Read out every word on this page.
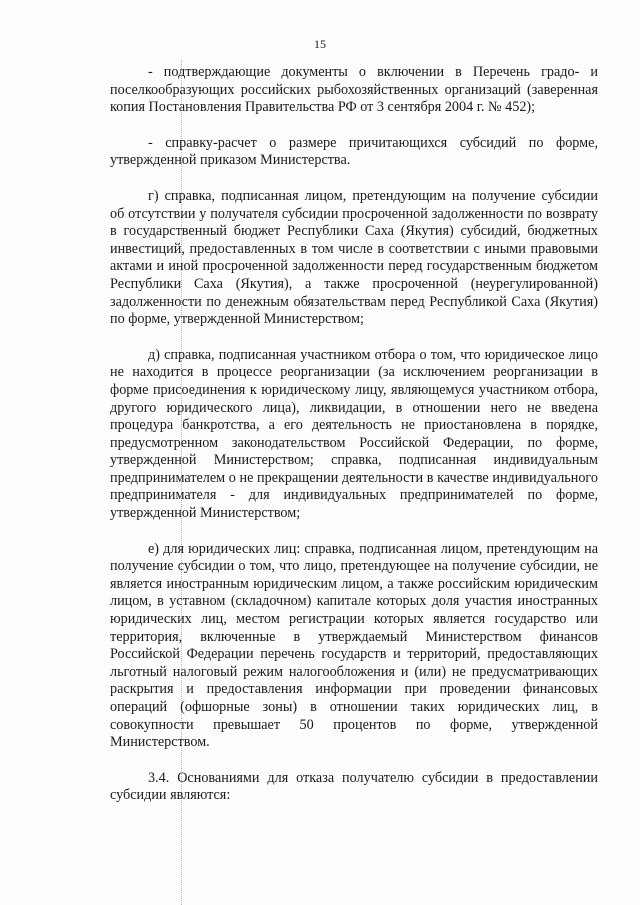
15

- подтверждающие документы о включении в Перечень градо- и поселкообразующих российских рыбохозяйственных организаций (заверенная копия Постановления Правительства РФ от 3 сентября 2004 г. № 452);

- справку-расчет о размере причитающихся субсидий по форме, утвержденной приказом Министерства.

г) справка, подписанная лицом, претендующим на получение субсидии об отсутствии у получателя субсидии просроченной задолженности по возврату в государственный бюджет Республики Саха (Якутия) субсидий, бюджетных инвестиций, предоставленных в том числе в соответствии с иными правовыми актами и иной просроченной задолженности перед государственным бюджетом Республики Саха (Якутия), а также просроченной (неурегулированной) задолженности по денежным обязательствам перед Республикой Саха (Якутия) по форме, утвержденной Министерством;

д) справка, подписанная участником отбора о том, что юридическое лицо не находится в процессе реорганизации (за исключением реорганизации в форме присоединения к юридическому лицу, являющемуся участником отбора, другого юридического лица), ликвидации, в отношении него не введена процедура банкротства, а его деятельность не приостановлена в порядке, предусмотренном законодательством Российской Федерации, по форме, утвержденной Министерством; справка, подписанная индивидуальным предпринимателем о не прекращении деятельности в качестве индивидуального предпринимателя - для индивидуальных предпринимателей по форме, утвержденной Министерством;

е) для юридических лиц: справка, подписанная лицом, претендующим на получение субсидии о том, что лицо, претендующее на получение субсидии, не является иностранным юридическим лицом, а также российским юридическим лицом, в уставном (складочном) капитале которых доля участия иностранных юридических лиц, местом регистрации которых является государство или территория, включенные в утверждаемый Министерством финансов Российской Федерации перечень государств и территорий, предоставляющих льготный налоговый режим налогообложения и (или) не предусматривающих раскрытия и предоставления информации при проведении финансовых операций (офшорные зоны) в отношении таких юридических лиц, в совокупности превышает 50 процентов по форме, утвержденной Министерством.

3.4. Основаниями для отказа получателю субсидии в предоставлении субсидии являются:
